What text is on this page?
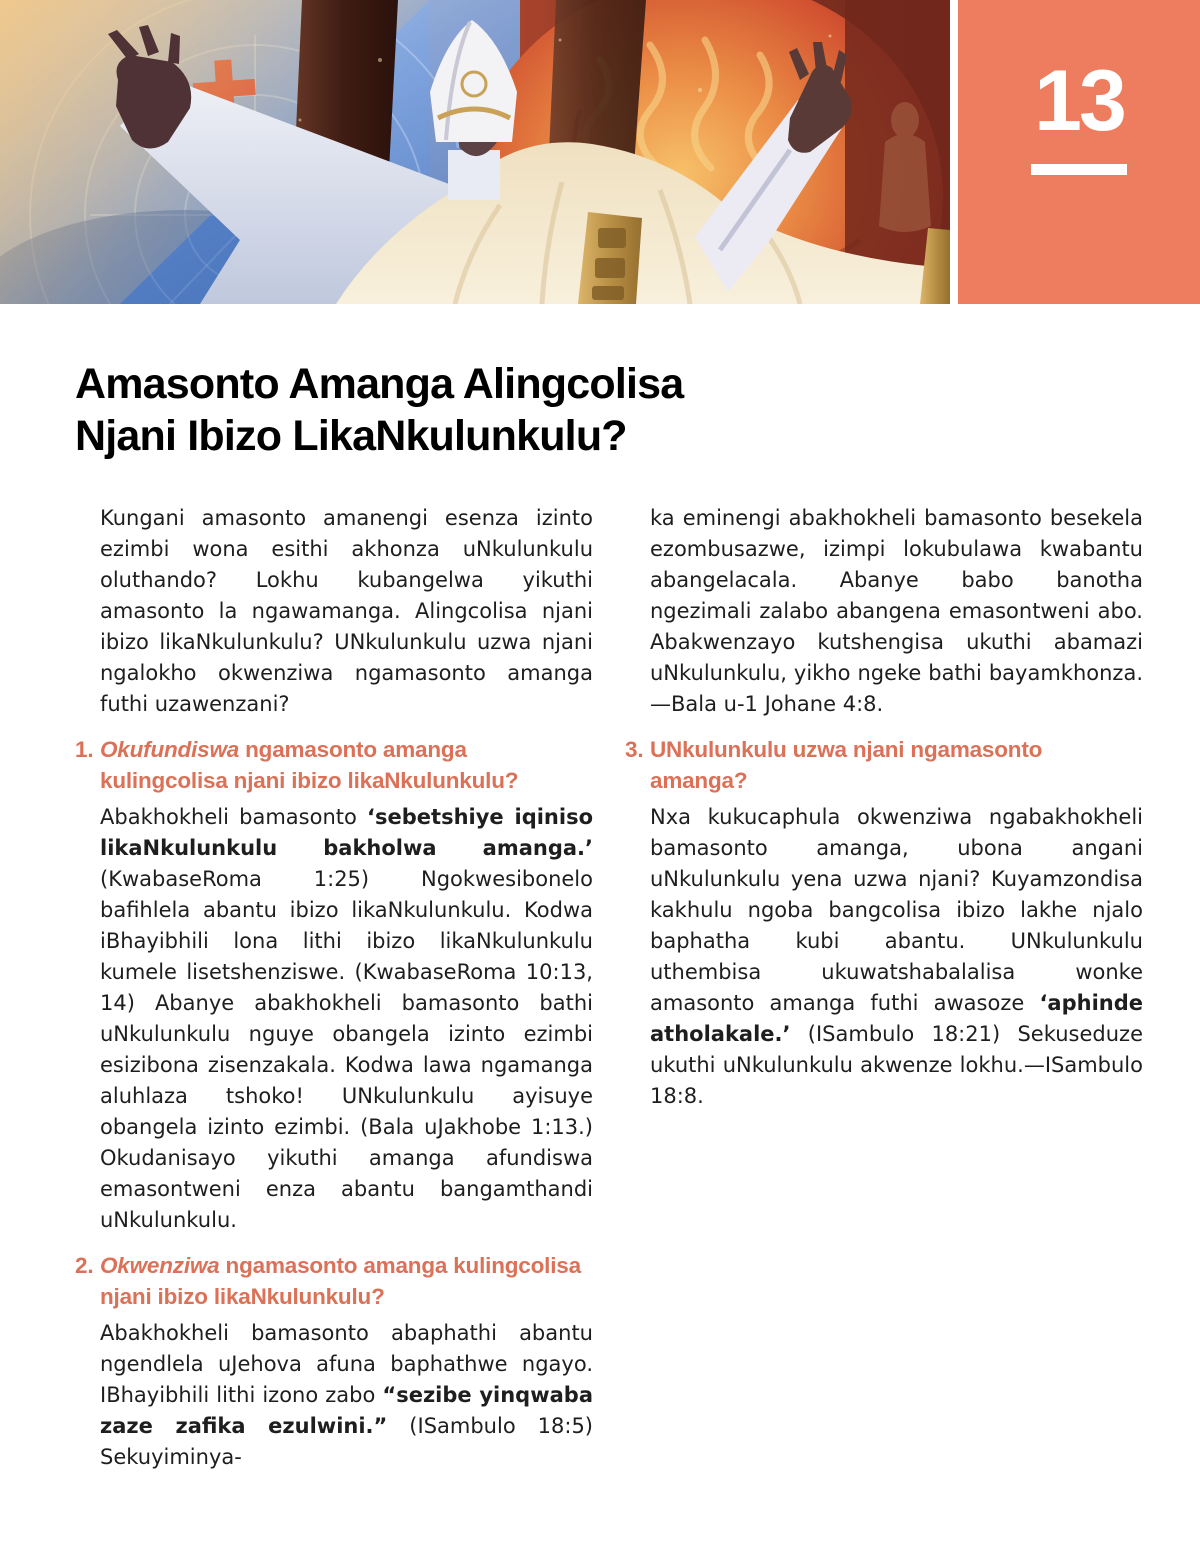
13
Amasonto Amanga Alingcolisa
Njani Ibizo LikaNkulunkulu?

Kungani amasonto amanengi esenza izinto ezimbi wona esithi akhonza uNkulunkulu oluthando? Lokhu kubangelwa yikuthi amasonto la ngawamanga. Alingcolisa njani ibizo likaNkulunkulu? UNkulunkulu uzwa njani ngalokho okwenziwa ngamasonto amanga futhi uzawenzani?

1. Okufundiswa ngamasonto amanga kulingcolisa njani ibizo likaNkulunkulu?

Abakhokheli bamasonto ‘sebetshiye iqiniso likaNkulunkulu bakholwa amanga.’ (KwabaseRoma 1:25) Ngokwesibonelo bafihlela abantu ibizo likaNkulunkulu. Kodwa iBhayibhili lona lithi ibizo likaNkulunkulu kumele lisetshenziswe. (KwabaseRoma 10:13, 14) Abanye abakhokheli bamasonto bathi uNkulunkulu nguye obangela izinto ezimbi esizibona zisenzakala. Kodwa lawa ngamanga aluhlaza tshoko! UNkulunkulu ayisuye obangela izinto ezimbi. (Bala uJakhobe 1:13.) Okudanisayo yikuthi amanga afundiswa emasontweni enza abantu bangamthandi uNkulunkulu.

2. Okwenziwa ngamasonto amanga kulingcolisa njani ibizo likaNkulunkulu?

Abakhokheli bamasonto abaphathi abantu ngendlela uJehova afuna baphathwe ngayo. IBhayibhili lithi izono zabo “sezibe yinqwaba zaze zafika ezulwini.” (ISambulo 18:5) Sekuyiminya-

ka eminengi abakhokheli bamasonto besekela ezombusazwe, izimpi lokubulawa kwabantu abangelacala. Abanye babo banotha ngezimali zalabo abangena emasontweni abo. Abakwenzayo kutshengisa ukuthi abamazi uNkulunkulu, yikho ngeke bathi bayamkhonza.—Bala u-1 Johane 4:8.

3. UNkulunkulu uzwa njani ngamasonto amanga?

Nxa kukucaphula okwenziwa ngabakhokheli bamasonto amanga, ubona angani uNkulunkulu yena uzwa njani? Kuyamzondisa kakhulu ngoba bangcolisa ibizo lakhe njalo baphatha kubi abantu. UNkulunkulu uthembisa ukuwatshabalalisa wonke amasonto amanga futhi awasoze ‘aphinde atholakale.’ (ISambulo 18:21) Sekuseduze ukuthi uNkulunkulu akwenze lokhu.—ISambulo 18:8.
